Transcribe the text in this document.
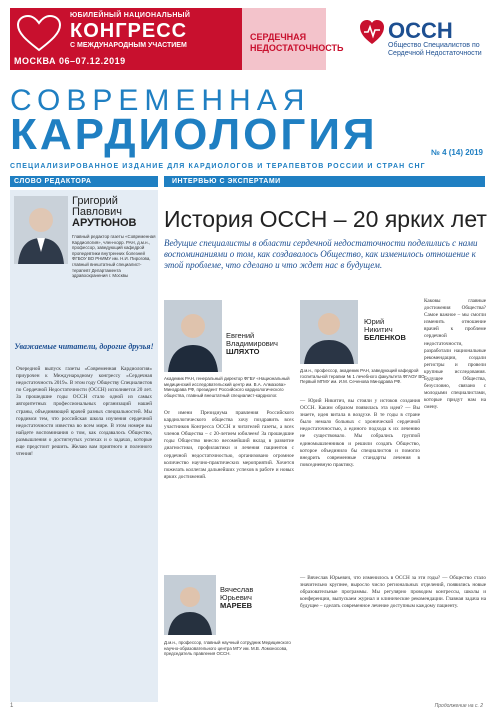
ЮБИЛЕЙНЫЙ НАЦИОНАЛЬНЫЙ
КОНГРЕСС
С МЕЖДУНАРОДНЫМ УЧАСТИЕМ
МОСКВА 06–07.12.2019
СЕРДЕЧНАЯ НЕДОСТАТОЧНОСТЬ
ОССН
Общество Специалистов по Сердечной Недостаточности
СОВРЕМЕННАЯ
КАРДИОЛОГИЯ	№ 4 (14) 2019
СПЕЦИАЛИЗИРОВАННОЕ ИЗДАНИЕ ДЛЯ КАРДИОЛОГОВ И ТЕРАПЕВТОВ РОССИИ И СТРАН СНГ
СЛОВО РЕДАКТОРА	ИНТЕРВЬЮ С ЭКСПЕРТАМИ
Григорий
Павлович
АРУТЮНОВ
Главный редактор газеты «Современная Кардиология», член-корр. РАН, д.м.н., профессор, заведующий кафедрой пропедевтики внутренних болезней ФГБОУ ВО РНИМУ им. Н.И. Пирогова, главный внештатный специалист-терапевт Департамента здравоохранения г. Москвы
Уважаемые читатели, дорогие друзья!
Очередной выпуск газеты «Современная Кардиология» приурочен к Международному конгрессу «Сердечная недостаточность 2019». В этом году Обществу Специалистов по Сердечной Недостаточности (ОССН) исполняется 20 лет. За прошедшие годы ОССН стало одной из самых авторитетных профессиональных организаций нашей страны, объединяющей врачей разных специальностей. Мы гордимся тем, что российская школа изучения сердечной недостаточности известна во всем мире. В этом номере вы найдете воспоминания о том, как создавалось Общество, размышления о достигнутых успехах и о задачах, которые еще предстоит решить. Желаю вам приятного и полезного чтения!
История ОССН – 20 ярких лет
Ведущие специалисты в области сердечной недостаточности поделились с нами воспоминаниями о том, как создавалось Общество, как изменилось отношение к этой проблеме, что сделано и что ждет нас в будущем.
Евгений
Владимирович
ШЛЯХТО
Академик РАН, генеральный директор ФГБУ «Национальный медицинский исследовательский центр им. В.А. Алмазова» Минздрава РФ, президент Российского кардиологического общества, главный внештатный специалист-кардиолог.
Юрий
Никитич
БЕЛЕНКОВ
Д.м.н., профессор, академик РАН, заведующий кафедрой госпитальной терапии № 1 лечебного факультета ФГАОУ ВО Первый МГМУ им. И.М. Сеченова Минздрава РФ.
От имени Президиума правления Российского кардиологического общества хочу поздравить всех участников Конгресса ОССН и читателей газеты, а всех членов Общества – с 20-летием юбилеем! За прошедшие годы Общество внесло весомейший вклад в развитие диагностики, профилактики и лечения пациентов с сердечной недостаточностью, организовано огромное количество научно-практических мероприятий. Хочется пожелать коллегам дальнейших успехов в работе и новых ярких достижений.
— Юрий Никитич, вы стояли у истоков создания ОССН. Каким образом появилась эта идея? — Вы знаете, идея витала в воздухе. В те годы в стране было немало больных с хронической сердечной недостаточностью, а единого подхода к их лечению не существовало. Мы собрались группой единомышленников и решили создать Общество, которое объединило бы специалистов и помогло внедрить современные стандарты лечения в повседневную практику.
Каковы главные достижения Общества? Самое важное – мы смогли изменить отношение врачей к проблеме сердечной недостаточности, разработали национальные рекомендации, создали регистры и провели крупные исследования. Будущее Общества, безусловно, связано с молодыми специалистами, которые придут нам на смену.
Вячеслав
Юрьевич
МАРЕЕВ
Д.м.н., профессор, главный научный сотрудник Медицинского научно-образовательного центра МГУ им. М.В. Ломоносова, председатель правления ОССН.
— Вячеслав Юрьевич, что изменилось в ОССН за эти годы? — Общество стало значительно крупнее, выросло число региональных отделений, появились новые образовательные программы. Мы регулярно проводим конгрессы, школы и конференции, выпускаем журнал и клинические рекомендации. Главная задача на будущее – сделать современное лечение доступным каждому пациенту.
1	Продолжение на с. 2
